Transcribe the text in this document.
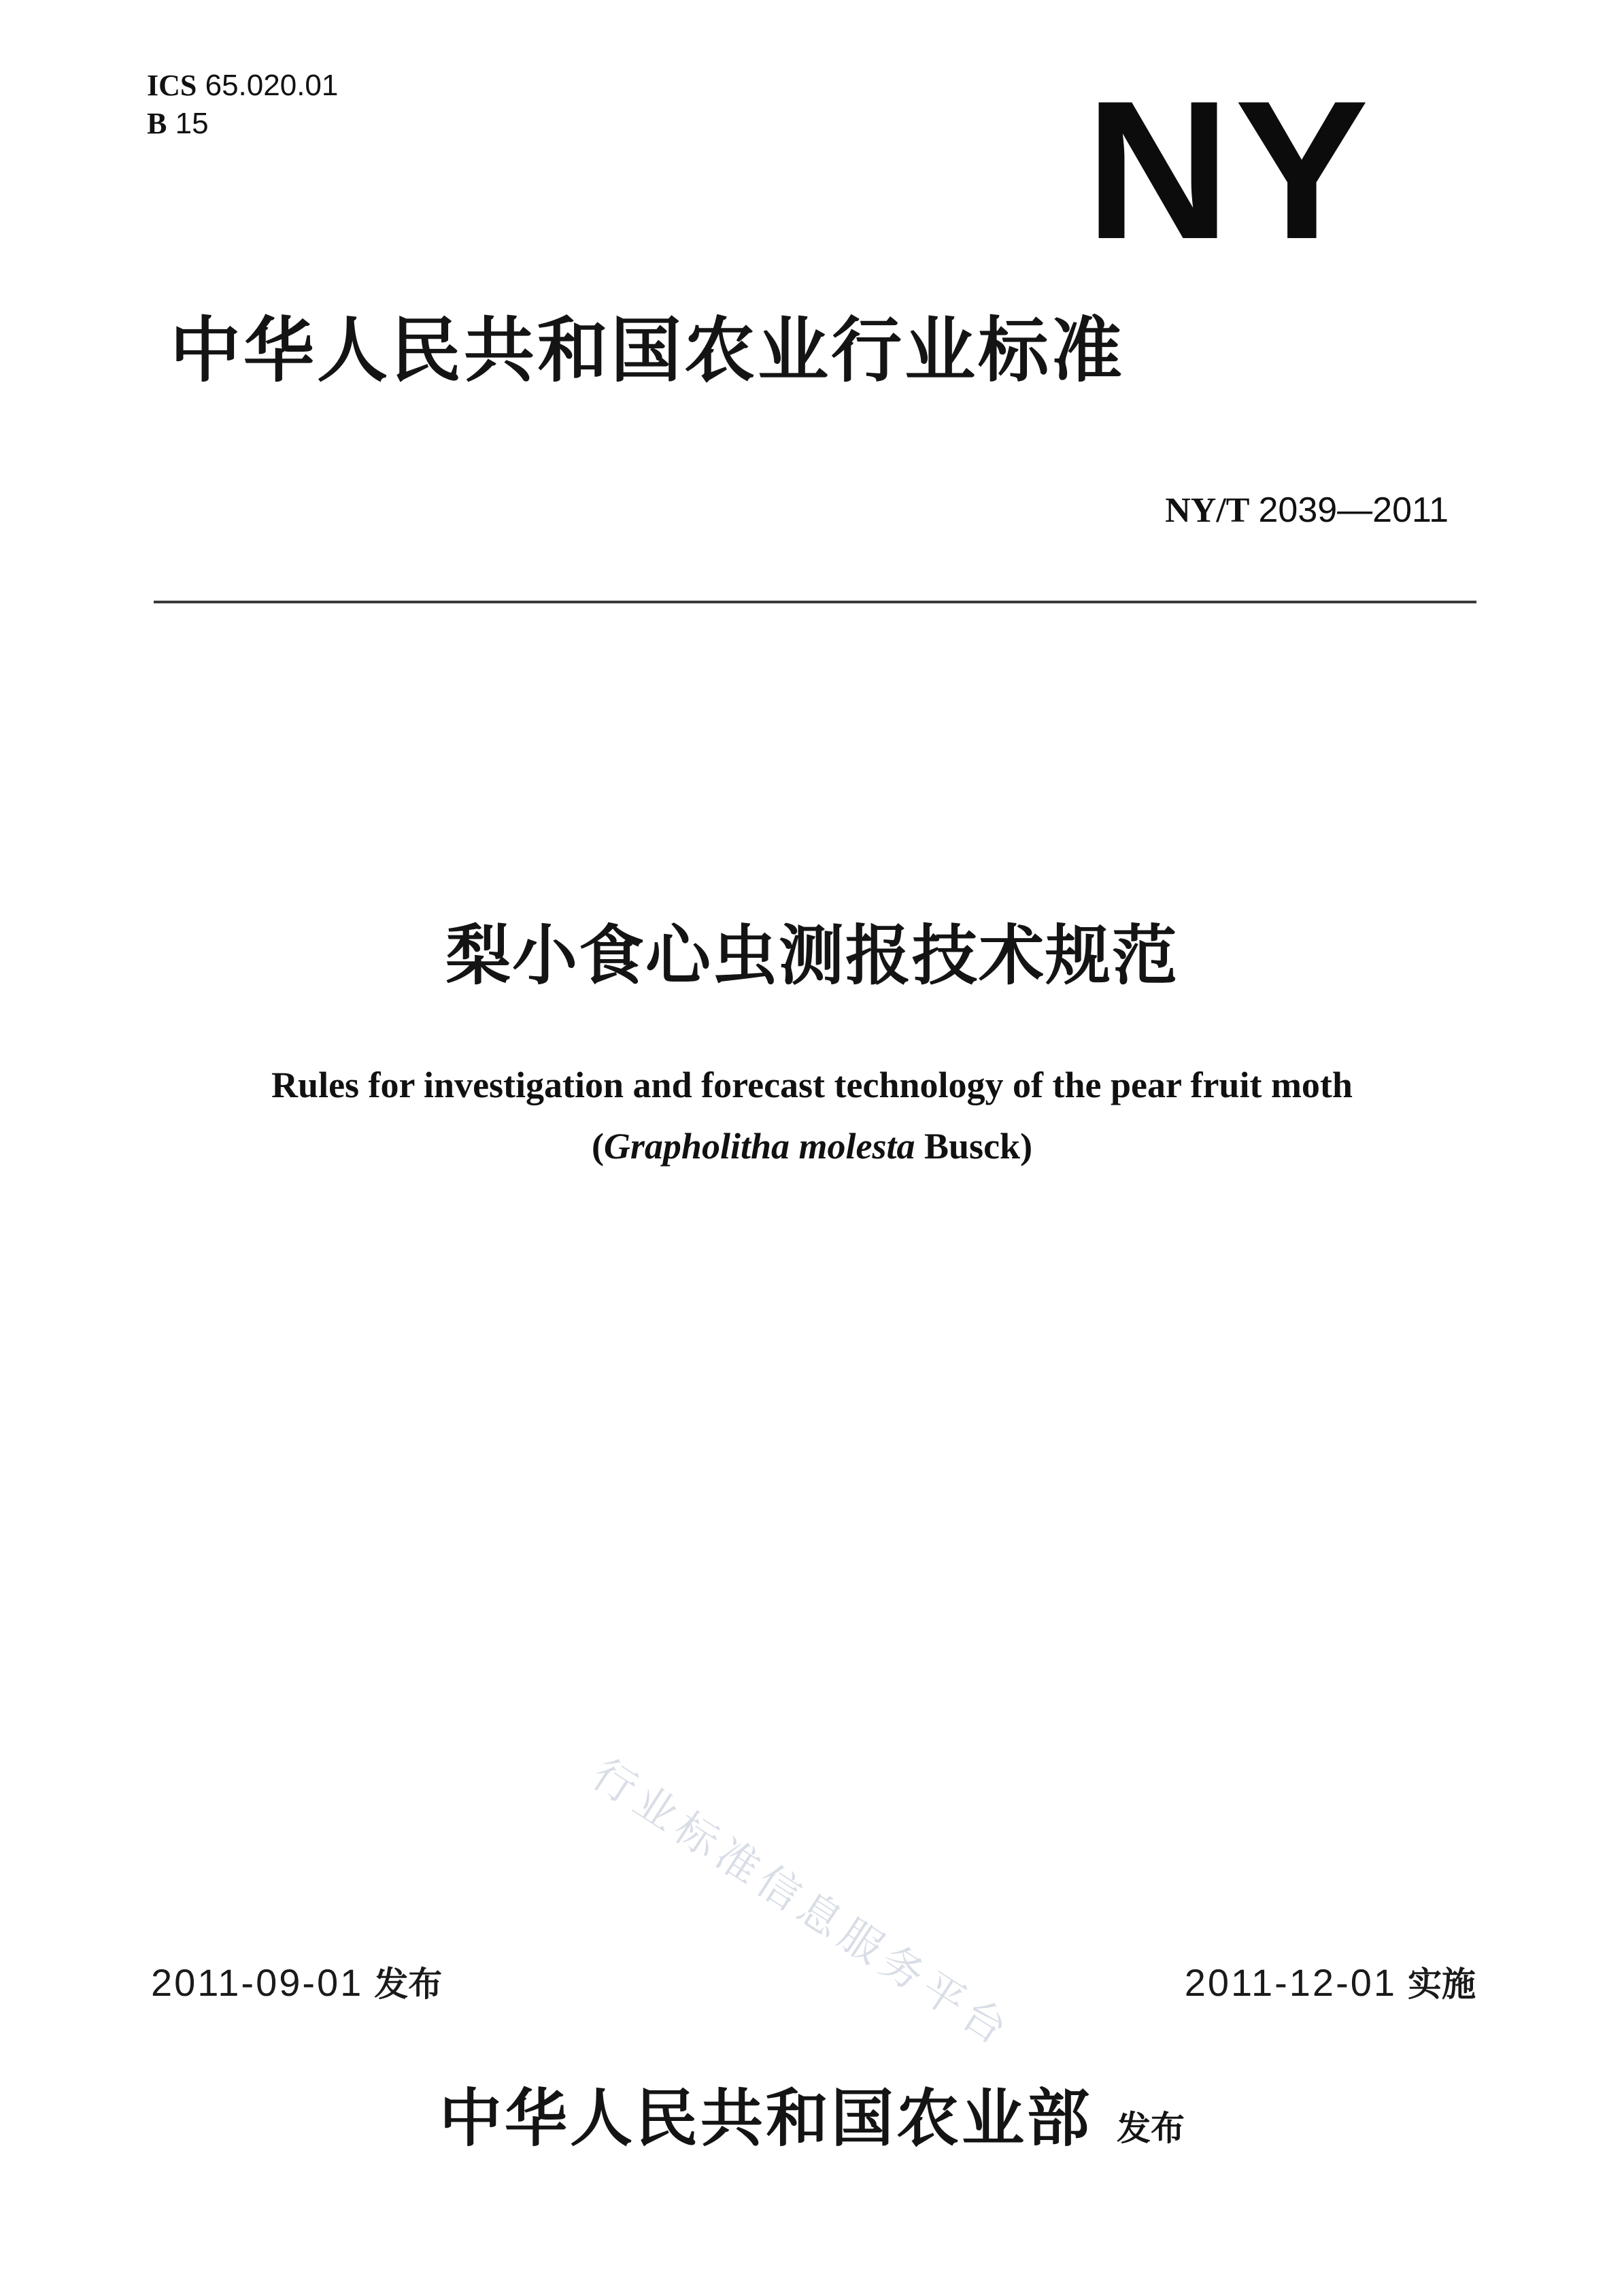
ICS 65.020.01
B 15	NY
中华人民共和国农业行业标准
NY/T 2039—2011
梨小食心虫测报技术规范
Rules for investigation and forecast technology of the pear fruit moth
(Grapholitha molesta Busck)
行业标准信息服务平台
2011-09-01 发布	2011-12-01 实施
中华人民共和国农业部 发布
